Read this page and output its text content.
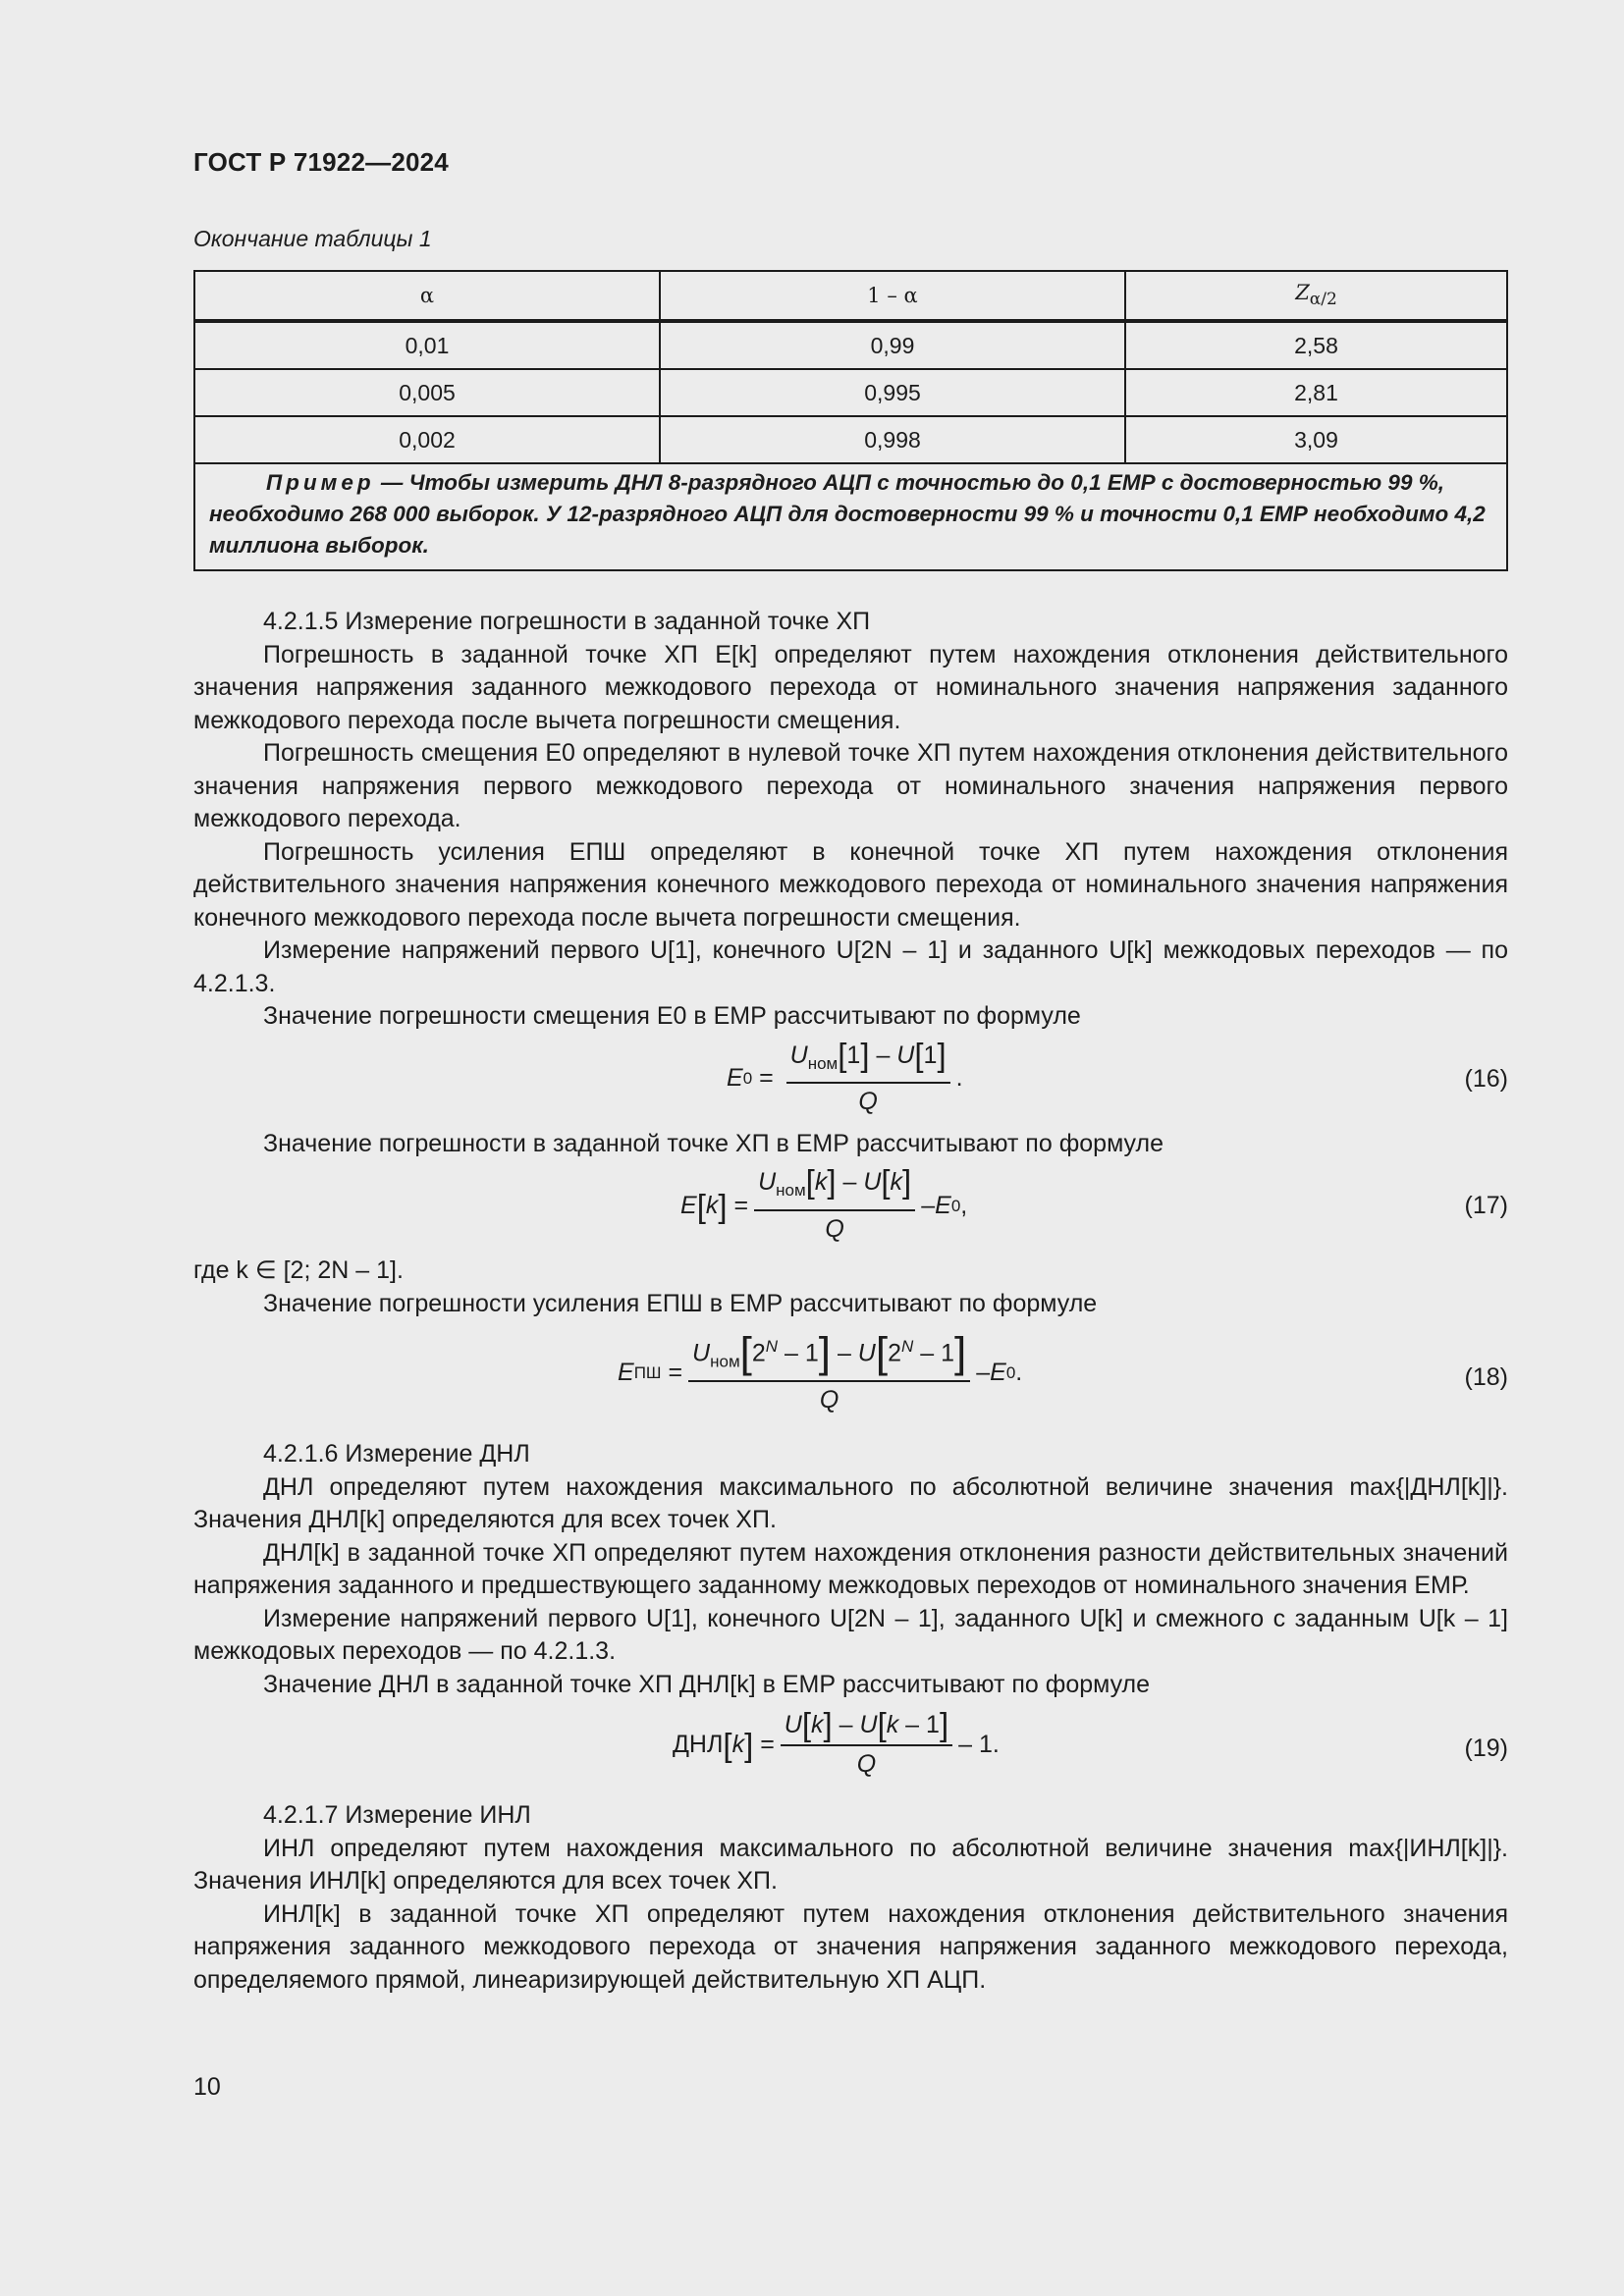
ГОСТ Р 71922—2024
Окончание таблицы 1
α	1 – α	$Z_{\alpha/2}$
0,01	0,99	2,58
0,005	0,995	2,81
0,002	0,998	3,09
Пример — Чтобы измерить ДНЛ 8-разрядного АЦП с точностью до 0,1 ЕМР с достоверностью 99 %, необходимо 268 000 выборок. У 12-разрядного АЦП для достоверности 99 % и точности 0,1 ЕМР необходимо 4,2 миллиона выборок.		

4.2.1.5 Измерение погрешности в заданной точке ХП

Погрешность в заданной точке ХП E[k] определяют путем нахождения отклонения действительного значения напряжения заданного межкодового перехода от номинального значения напряжения заданного межкодового перехода после вычета погрешности смещения.

Погрешность смещения E0 определяют в нулевой точке ХП путем нахождения отклонения действительного значения напряжения первого межкодового перехода от номинального значения напряжения первого межкодового перехода.

Погрешность усиления EПШ определяют в конечной точке ХП путем нахождения отклонения действительного значения напряжения конечного межкодового перехода от номинального значения напряжения конечного межкодового перехода после вычета погрешности смещения.

Измерение напряжений первого U[1], конечного U[2N – 1] и заданного U[k] межкодовых переходов — по 4.2.1.3.

Значение погрешности смещения E0 в ЕМР рассчитывают по формуле

E $0 = \frac{U_{ном}[1] - U[1]}{Q}$ .	(16)

Значение погрешности в заданной точке ХП в ЕМР рассчитывают по формуле

E [ k ] = $\frac{U_{ном}[k] - U[k]}{Q}$ – E 0 ,	(17)

где k ∈ [2; 2N – 1].

Значение погрешности усиления EПШ в ЕМР рассчитывают по формуле

E ПШ = $\frac{U_{ном}[2^N - 1] - U[2^N - 1]}{Q}$ – E 0 .	(18)

4.2.1.6 Измерение ДНЛ

ДНЛ определяют путем нахождения максимального по абсолютной величине значения max{|ДНЛ[k]|}. Значения ДНЛ[k] определяются для всех точек ХП.

ДНЛ[k] в заданной точке ХП определяют путем нахождения отклонения разности действительных значений напряжения заданного и предшествующего заданному межкодовых переходов от номинального значения ЕМР.

Измерение напряжений первого U[1], конечного U[2N – 1], заданного U[k] и смежного с заданным U[k – 1] межкодовых переходов — по 4.2.1.3.

Значение ДНЛ в заданной точке ХП ДНЛ[k] в ЕМР рассчитывают по формуле

ДНЛ [ k ] = $\frac{U[k] - U[k - 1]}{Q} - 1$.	(19)

4.2.1.7 Измерение ИНЛ

ИНЛ определяют путем нахождения максимального по абсолютной величине значения max{|ИНЛ[k]|}. Значения ИНЛ[k] определяются для всех точек ХП.

ИНЛ[k] в заданной точке ХП определяют путем нахождения отклонения действительного значения напряжения заданного межкодового перехода от значения напряжения заданного межкодового перехода, определяемого прямой, линеаризирующей действительную ХП АЦП.

10
